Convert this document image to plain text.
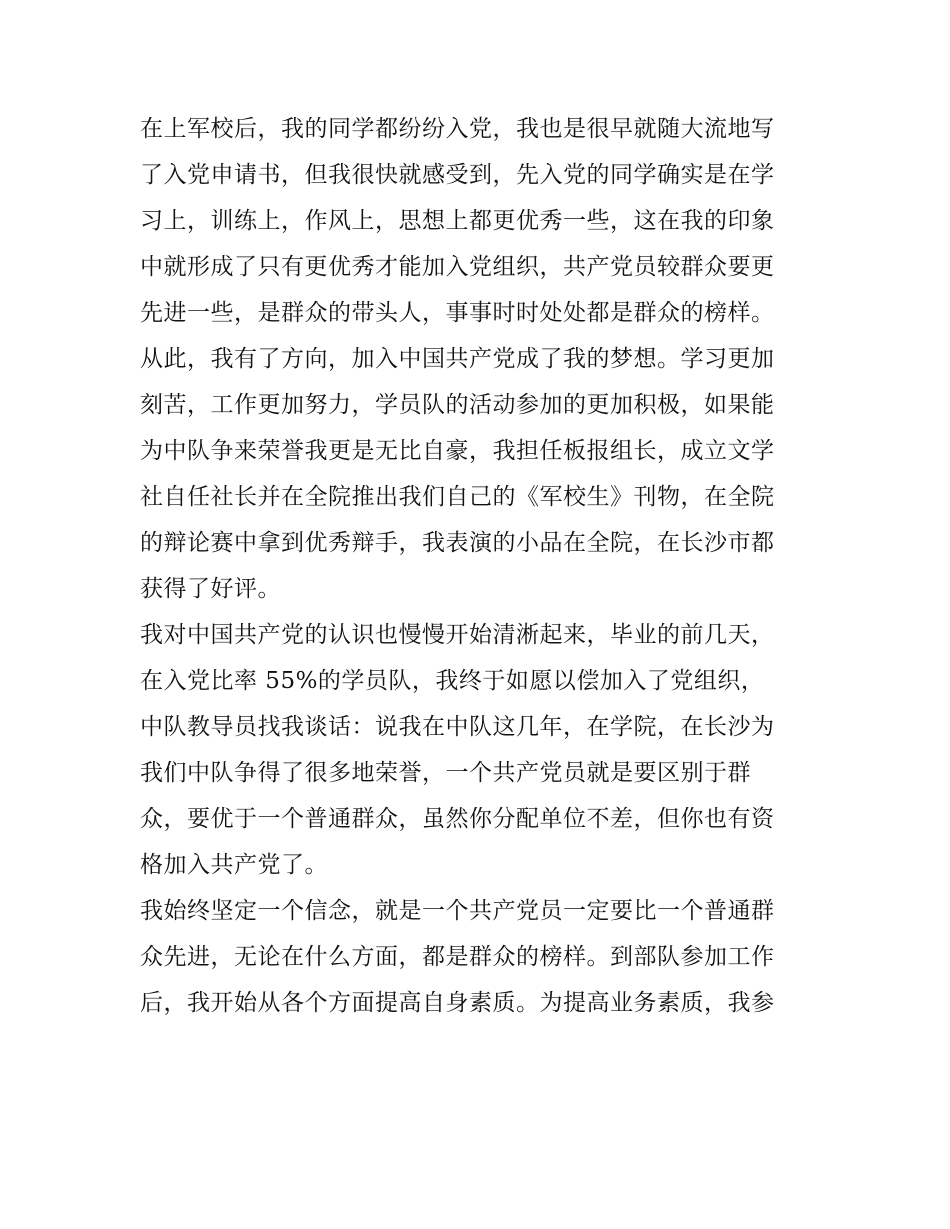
在上军校后，我的同学都纷纷入党，我也是很早就随大流地写
了入党申请书，但我很快就感受到，先入党的同学确实是在学
习上，训练上，作风上，思想上都更优秀一些，这在我的印象
中就形成了只有更优秀才能加入党组织，共产党员较群众要更
先进一些，是群众的带头人，事事时时处处都是群众的榜样。
从此，我有了方向，加入中国共产党成了我的梦想。学习更加
刻苦，工作更加努力，学员队的活动参加的更加积极，如果能
为中队争来荣誉我更是无比自豪，我担任板报组长，成立文学
社自任社长并在全院推出我们自己的《军校生》刊物，在全院
的辩论赛中拿到优秀辩手，我表演的小品在全院，在长沙市都
获得了好评。
我对中国共产党的认识也慢慢开始清淅起来，毕业的前几天，
在入党比率 55%的学员队，我终于如愿以偿加入了党组织，
中队教导员找我谈话：说我在中队这几年，在学院，在长沙为
我们中队争得了很多地荣誉，一个共产党员就是要区别于群
众，要优于一个普通群众，虽然你分配单位不差，但你也有资
格加入共产党了。
我始终坚定一个信念，就是一个共产党员一定要比一个普通群
众先进，无论在什么方面，都是群众的榜样。到部队参加工作
后，我开始从各个方面提高自身素质。为提高业务素质，我参
